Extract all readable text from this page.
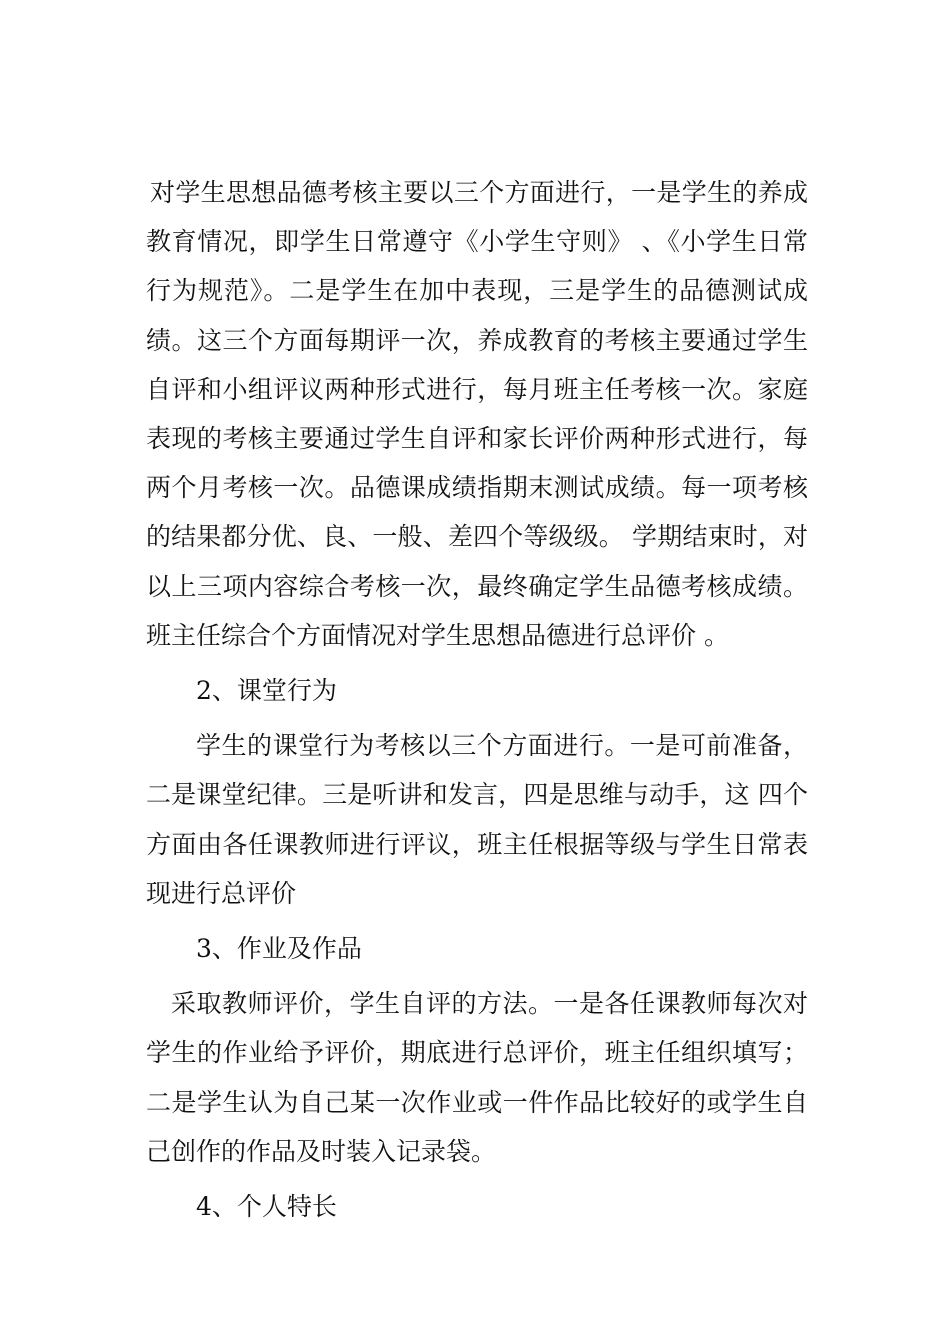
对学生思想品德考核主要以三个方面进行，一是学生的养成教育情况，即学生日常遵守《小学生守则》 、《小学生日常行为规范》。二是学生在加中表现，三是学生的品德测试成绩。这三个方面每期评一次，养成教育的考核主要通过学生自评和小组评议两种形式进行，每月班主任考核一次。家庭表现的考核主要通过学生自评和家长评价两种形式进行，每两个月考核一次。品德课成绩指期末测试成绩。每一项考核的结果都分优、良、一般、差四个等级级。 学期结束时，对以上三项内容综合考核一次，最终确定学生品德考核成绩。班主任综合个方面情况对学生思想品德进行总评价 。

2、课堂行为

学生的课堂行为考核以三个方面进行。一是可前准备，二是课堂纪律。三是听讲和发言，四是思维与动手，这 四个方面由各任课教师进行评议，班主任根据等级与学生日常表现进行总评价

3、作业及作品

采取教师评价，学生自评的方法。一是各任课教师每次对学生的作业给予评价，期底进行总评价，班主任组织填写；二是学生认为自己某一次作业或一件作品比较好的或学生自己创作的作品及时装入记录袋。

4、个人特长
